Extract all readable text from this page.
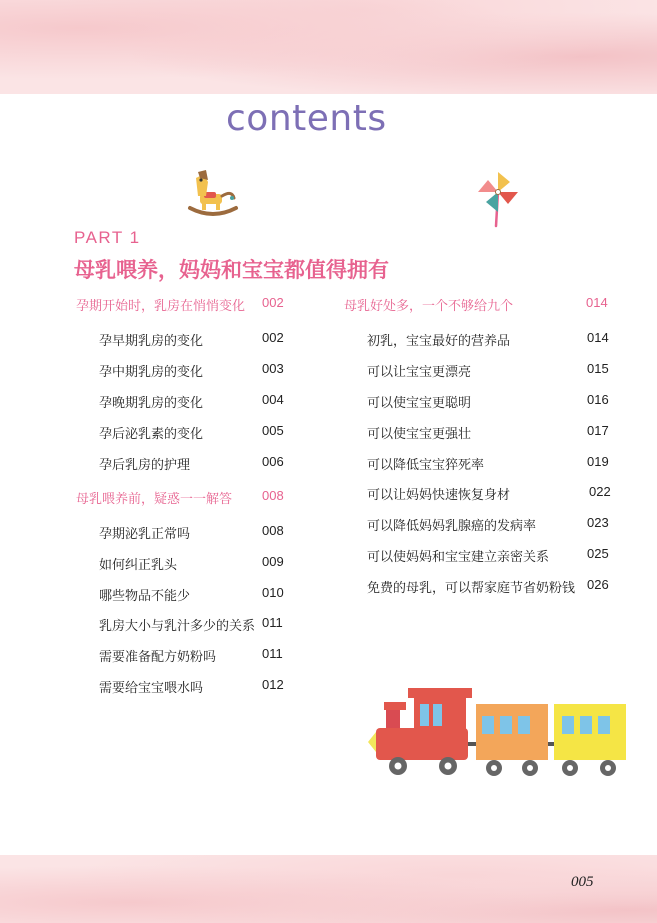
contents
PART 1
母乳喂养，妈妈和宝宝都值得拥有
孕期开始时，乳房在悄悄变化 002
孕早期乳房的变化	002
孕中期乳房的变化	003
孕晚期乳房的变化	004
孕后泌乳素的变化	005
孕后乳房的护理	006
母乳喂养前，疑惑一一解答 008
孕期泌乳正常吗	008
如何纠正乳头	009
哪些物品不能少	010
乳房大小与乳汁多少的关系 011
需要准备配方奶粉吗	011
需要给宝宝喂水吗	012
母乳好处多，一个不够给九个	014
初乳，宝宝最好的营养品	014
可以让宝宝更漂亮	015
可以使宝宝更聪明	016
可以使宝宝更强壮	017
可以降低宝宝猝死率	019
可以让妈妈快速恢复身材	022
可以降低妈妈乳腺癌的发病率	023
可以使妈妈和宝宝建立亲密关系	025
免费的母乳，可以帮家庭节省奶粉钱 026
005
